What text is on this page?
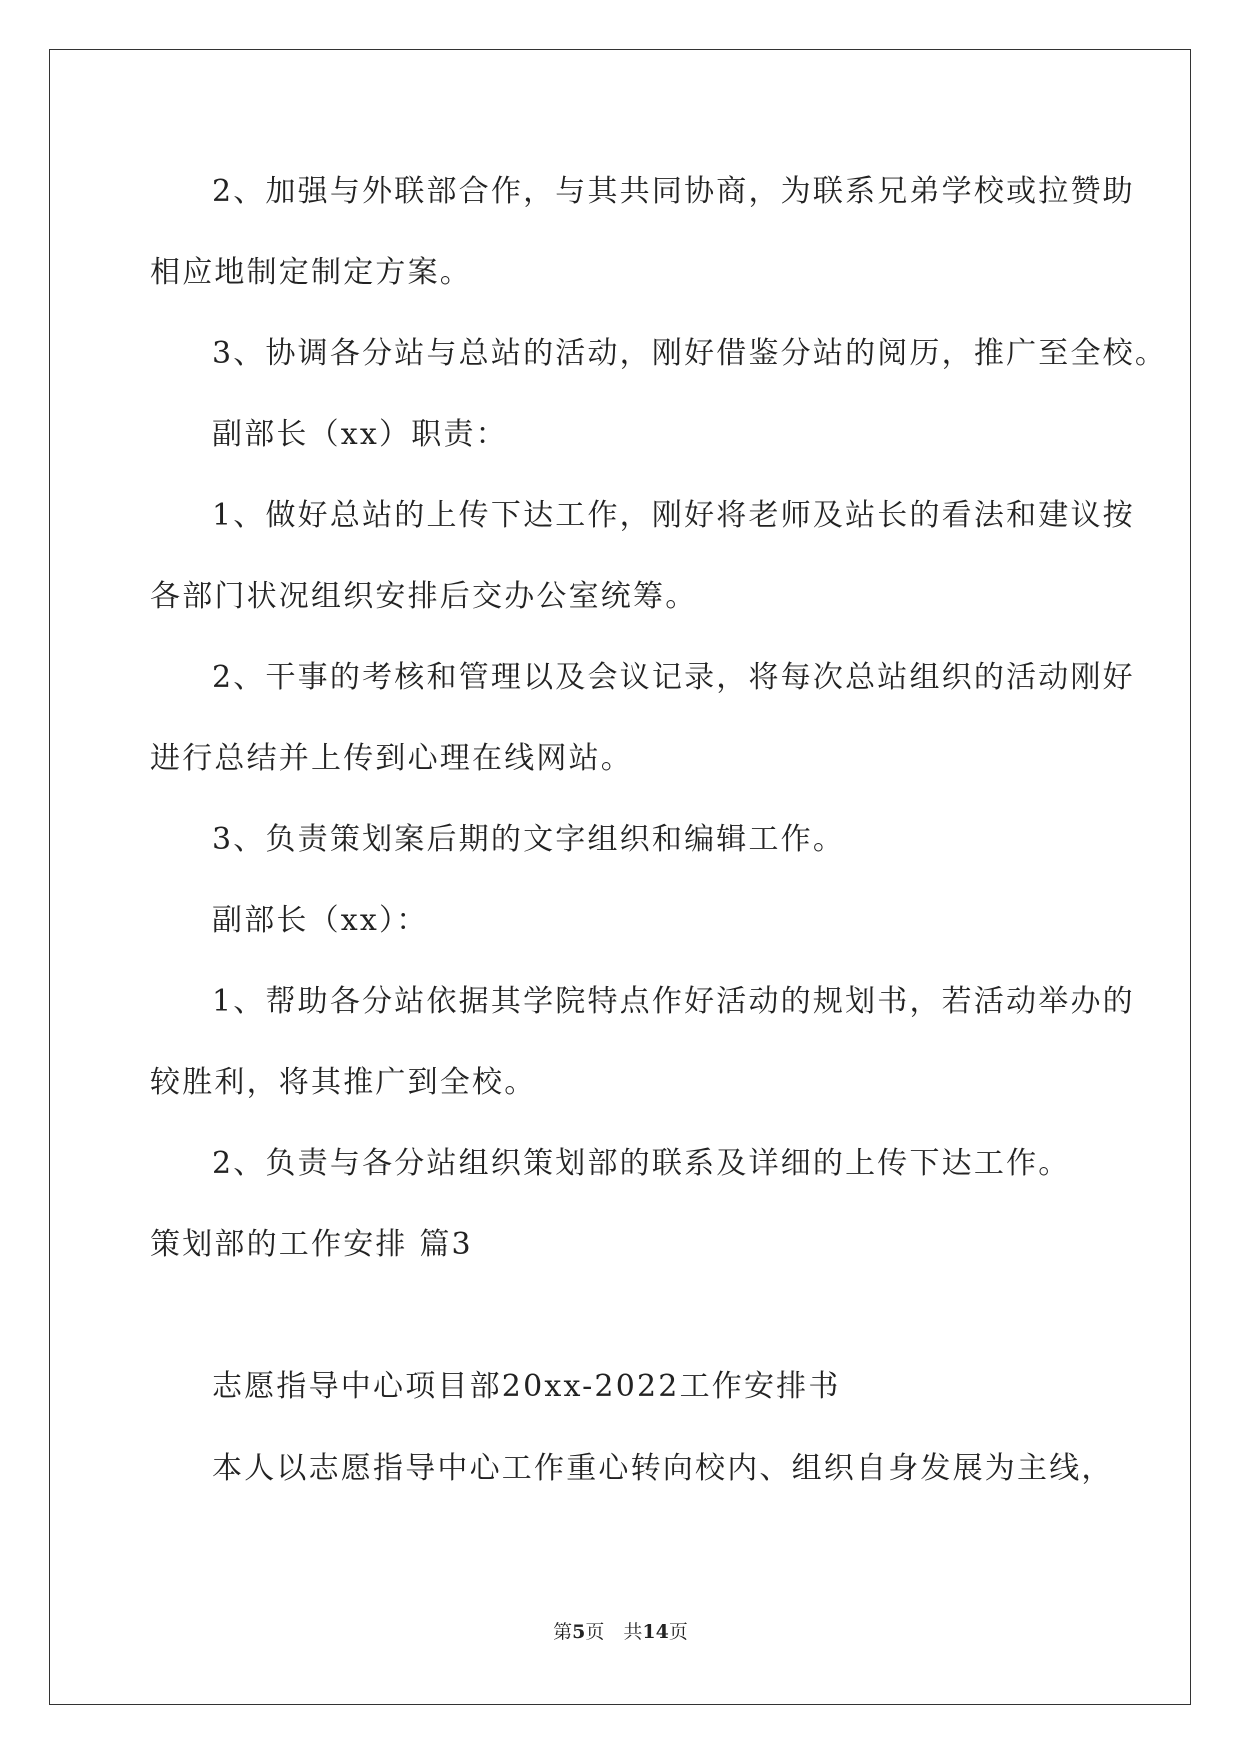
2、加强与外联部合作，与其共同协商，为联系兄弟学校或拉赞助

相应地制定制定方案。

3、协调各分站与总站的活动，刚好借鉴分站的阅历，推广至全校。

副部长（xx）职责：

1、做好总站的上传下达工作，刚好将老师及站长的看法和建议按

各部门状况组织安排后交办公室统筹。

2、干事的考核和管理以及会议记录，将每次总站组织的活动刚好

进行总结并上传到心理在线网站。

3、负责策划案后期的文字组织和编辑工作。

副部长（xx）：

1、帮助各分站依据其学院特点作好活动的规划书，若活动举办的

较胜利，将其推广到全校。

2、负责与各分站组织策划部的联系及详细的上传下达工作。

策划部的工作安排 篇3

志愿指导中心项目部20xx-2022工作安排书

本人以志愿指导中心工作重心转向校内、组织自身发展为主线，

第5页　共14页
